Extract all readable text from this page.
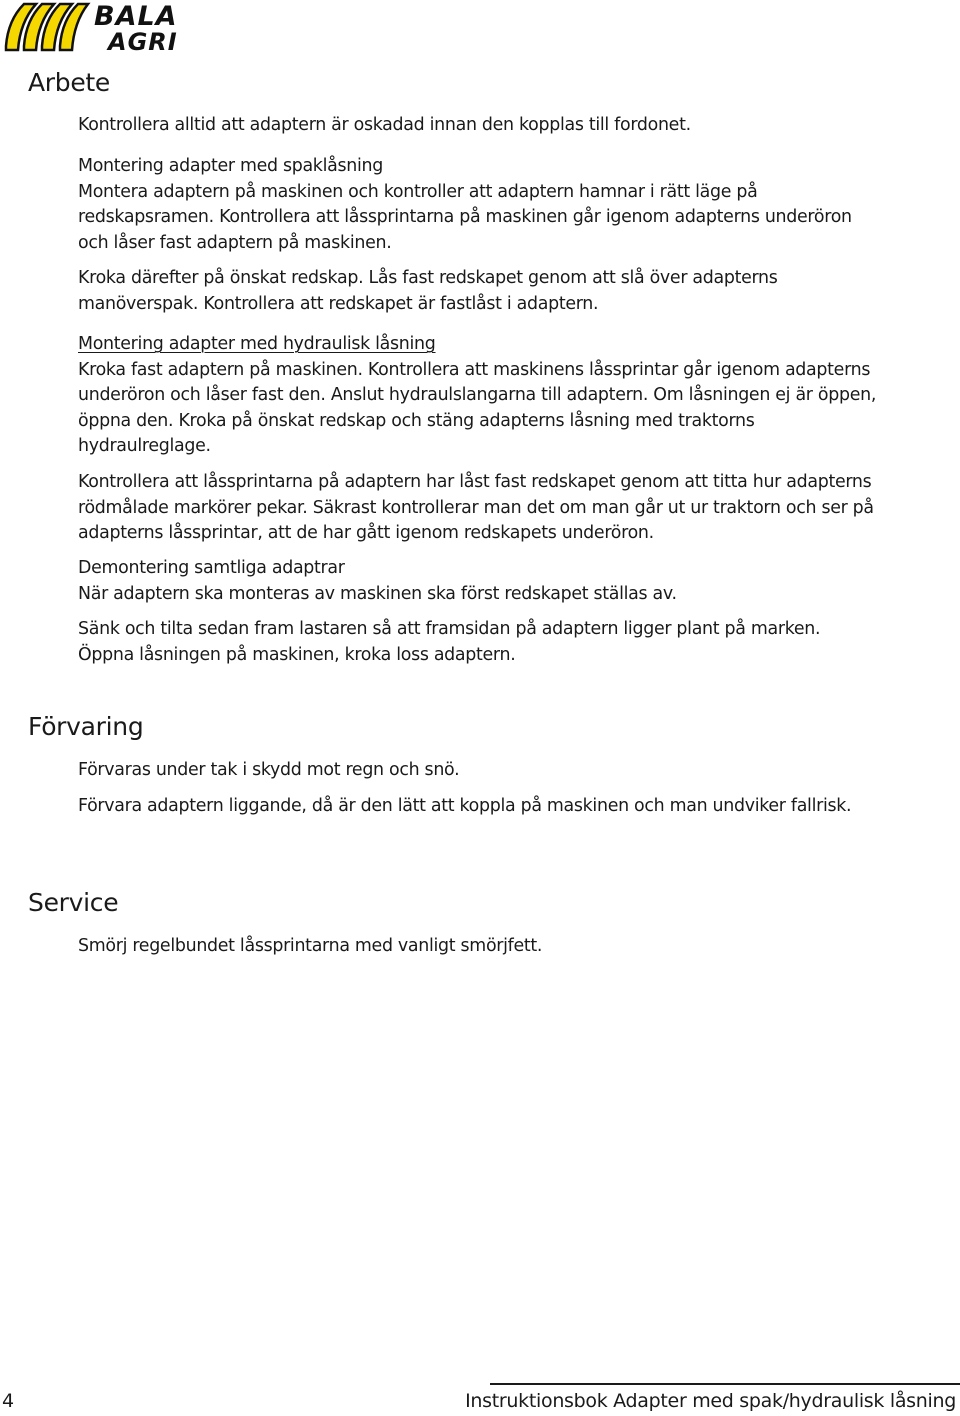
BALA
AGRI
Arbete

Kontrollera alltid att adaptern är oskadad innan den kopplas till fordonet.

Montering adapter med spaklåsning

Montera adaptern på maskinen och kontroller att adaptern hamnar i rätt läge på redskapsramen. Kontrollera att låssprintarna på maskinen går igenom adapterns underöron och låser fast adaptern på maskinen.

Kroka därefter på önskat redskap. Lås fast redskapet genom att slå över adapterns manöverspak. Kontrollera att redskapet är fastlåst i adaptern.

Montering adapter med hydraulisk låsning

Kroka fast adaptern på maskinen. Kontrollera att maskinens låssprintar går igenom adapterns underöron och låser fast den. Anslut hydraulslangarna till adaptern. Om låsningen ej är öppen, öppna den. Kroka på önskat redskap och stäng adapterns låsning med traktorns hydraulreglage.

Kontrollera att låssprintarna på adaptern har låst fast redskapet genom att titta hur adapterns rödmålade markörer pekar. Säkrast kontrollerar man det om man går ut ur traktorn och ser på adapterns låssprintar, att de har gått igenom redskapets underöron.

Demontering samtliga adaptrar

När adaptern ska monteras av maskinen ska först redskapet ställas av.

Sänk och tilta sedan fram lastaren så att framsidan på adaptern ligger plant på marken. Öppna låsningen på maskinen, kroka loss adaptern.

Förvaring

Förvaras under tak i skydd mot regn och snö.

Förvara adaptern liggande, då är den lätt att koppla på maskinen och man undviker fallrisk.

Service

Smörj regelbundet låssprintarna med vanligt smörjfett.

4	Instruktionsbok Adapter med spak/hydraulisk låsning
